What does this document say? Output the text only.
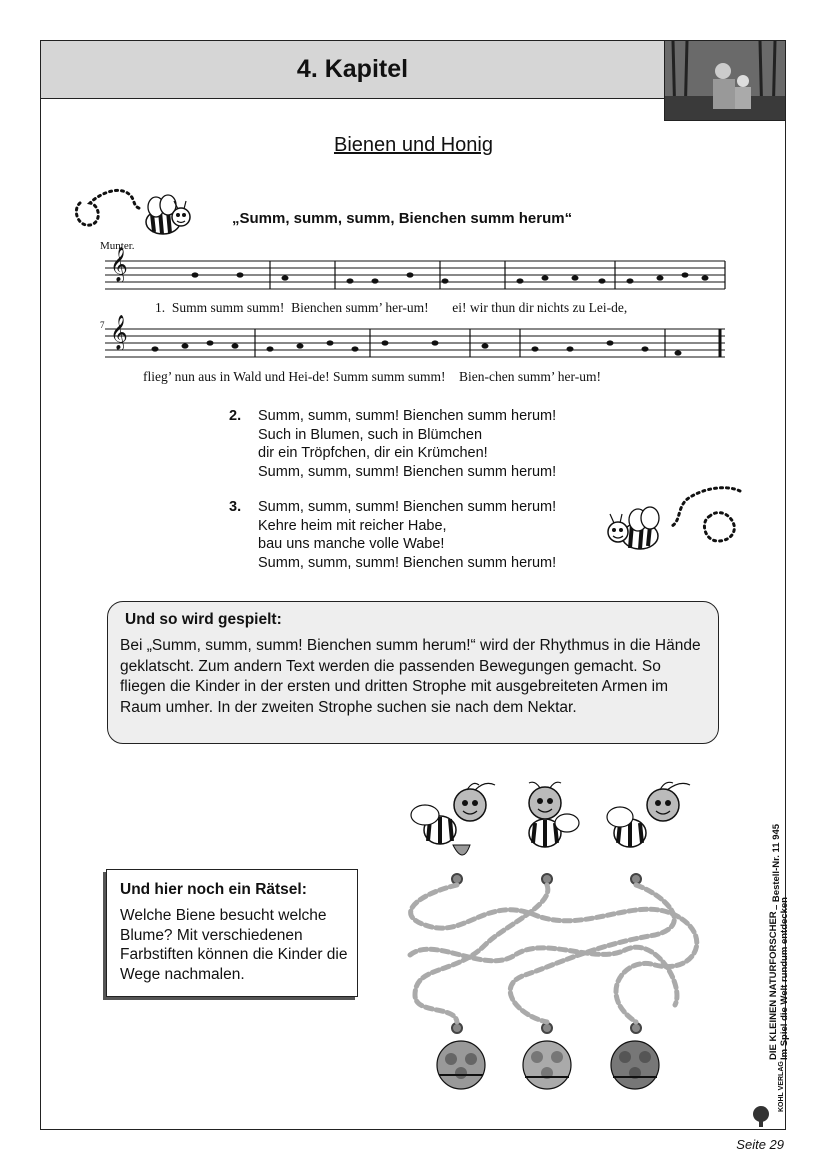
4. Kapitel
Bienen und Honig
„Summ, summ, summ, Bienchen summ herum“
Munter.
𝄞
1.  Summ summ summ!  Bienchen summ’ her-um!       ei! wir thun dir nichts zu Lei-de,
7 𝄞
flieg’ nun aus in Wald und Hei-de! Summ summ summ!    Bien-chen summ’ her-um!
2. Summ, summ, summ! Bienchen summ herum!
Such in Blumen, such in Blümchen
dir ein Tröpfchen, dir ein Krümchen!
Summ, summ, summ! Bienchen summ herum!
3. Summ, summ, summ! Bienchen summ herum!
Kehre heim mit reicher Habe,
bau uns manche volle Wabe!
Summ, summ, summ! Bienchen summ herum!
Und so wird gespielt:
Bei „Summ, summ, summ! Bienchen summ herum!“ wird der Rhythmus in die Hände geklatscht. Zum andern Text werden die passenden Bewegungen gemacht. So fliegen die Kinder in der ersten und dritten Strophe mit ausgebreiteten Armen im Raum umher. In der zweiten Strophe suchen sie nach dem Nektar.
Und hier noch ein Rätsel:
Welche Biene besucht welche Blume? Mit verschiedenen Farbstiften können die Kinder die Wege nachmalen.	DIE KLEINEN NATURFORSCHER Im Spiel die Welt rundum entdecken
– Bestell-Nr. 11 945
KOHL VERLAG
Seite 29
